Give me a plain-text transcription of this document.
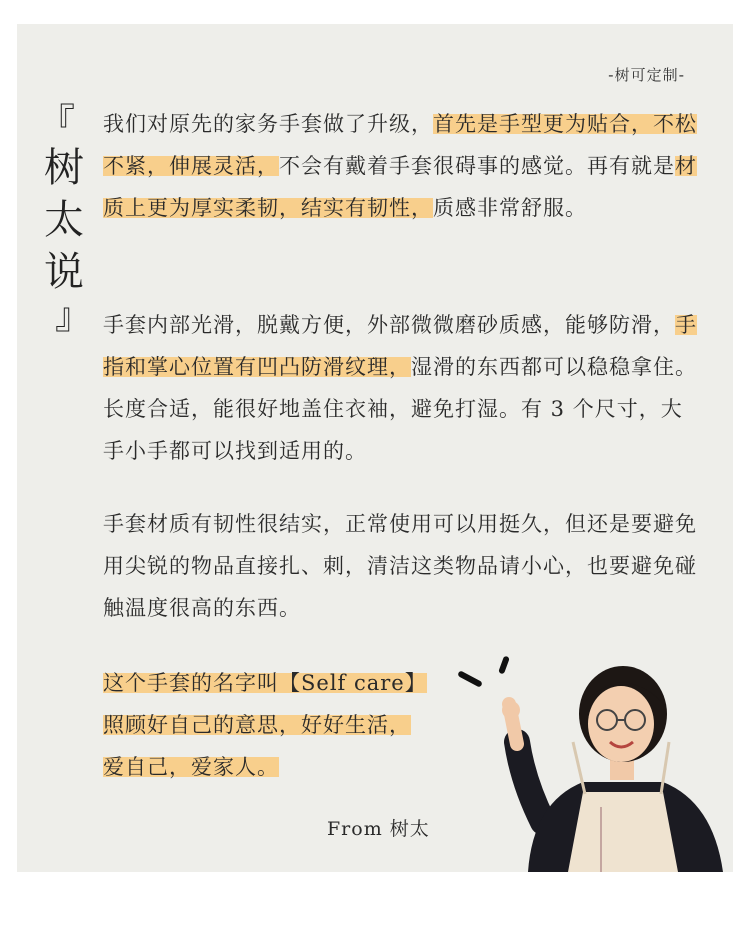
-树可定制-
『
树
太
说
』
我们对原先的家务手套做了升级，首先是手型更为贴合，不松不紧，伸展灵活，不会有戴着手套很碍事的感觉。再有就是材质上更为厚实柔韧，结实有韧性，质感非常舒服。
手套内部光滑，脱戴方便，外部微微磨砂质感，能够防滑，手指和掌心位置有凹凸防滑纹理，湿滑的东西都可以稳稳拿住。长度合适，能很好地盖住衣袖，避免打湿。有 3 个尺寸，大手小手都可以找到适用的。
手套材质有韧性很结实，正常使用可以用挺久，但还是要避免用尖锐的物品直接扎、刺，清洁这类物品请小心，也要避免碰触温度很高的东西。
这个手套的名字叫【Self care】
照顾好自己的意思，好好生活，
爱自己，爱家人。
From 树太
